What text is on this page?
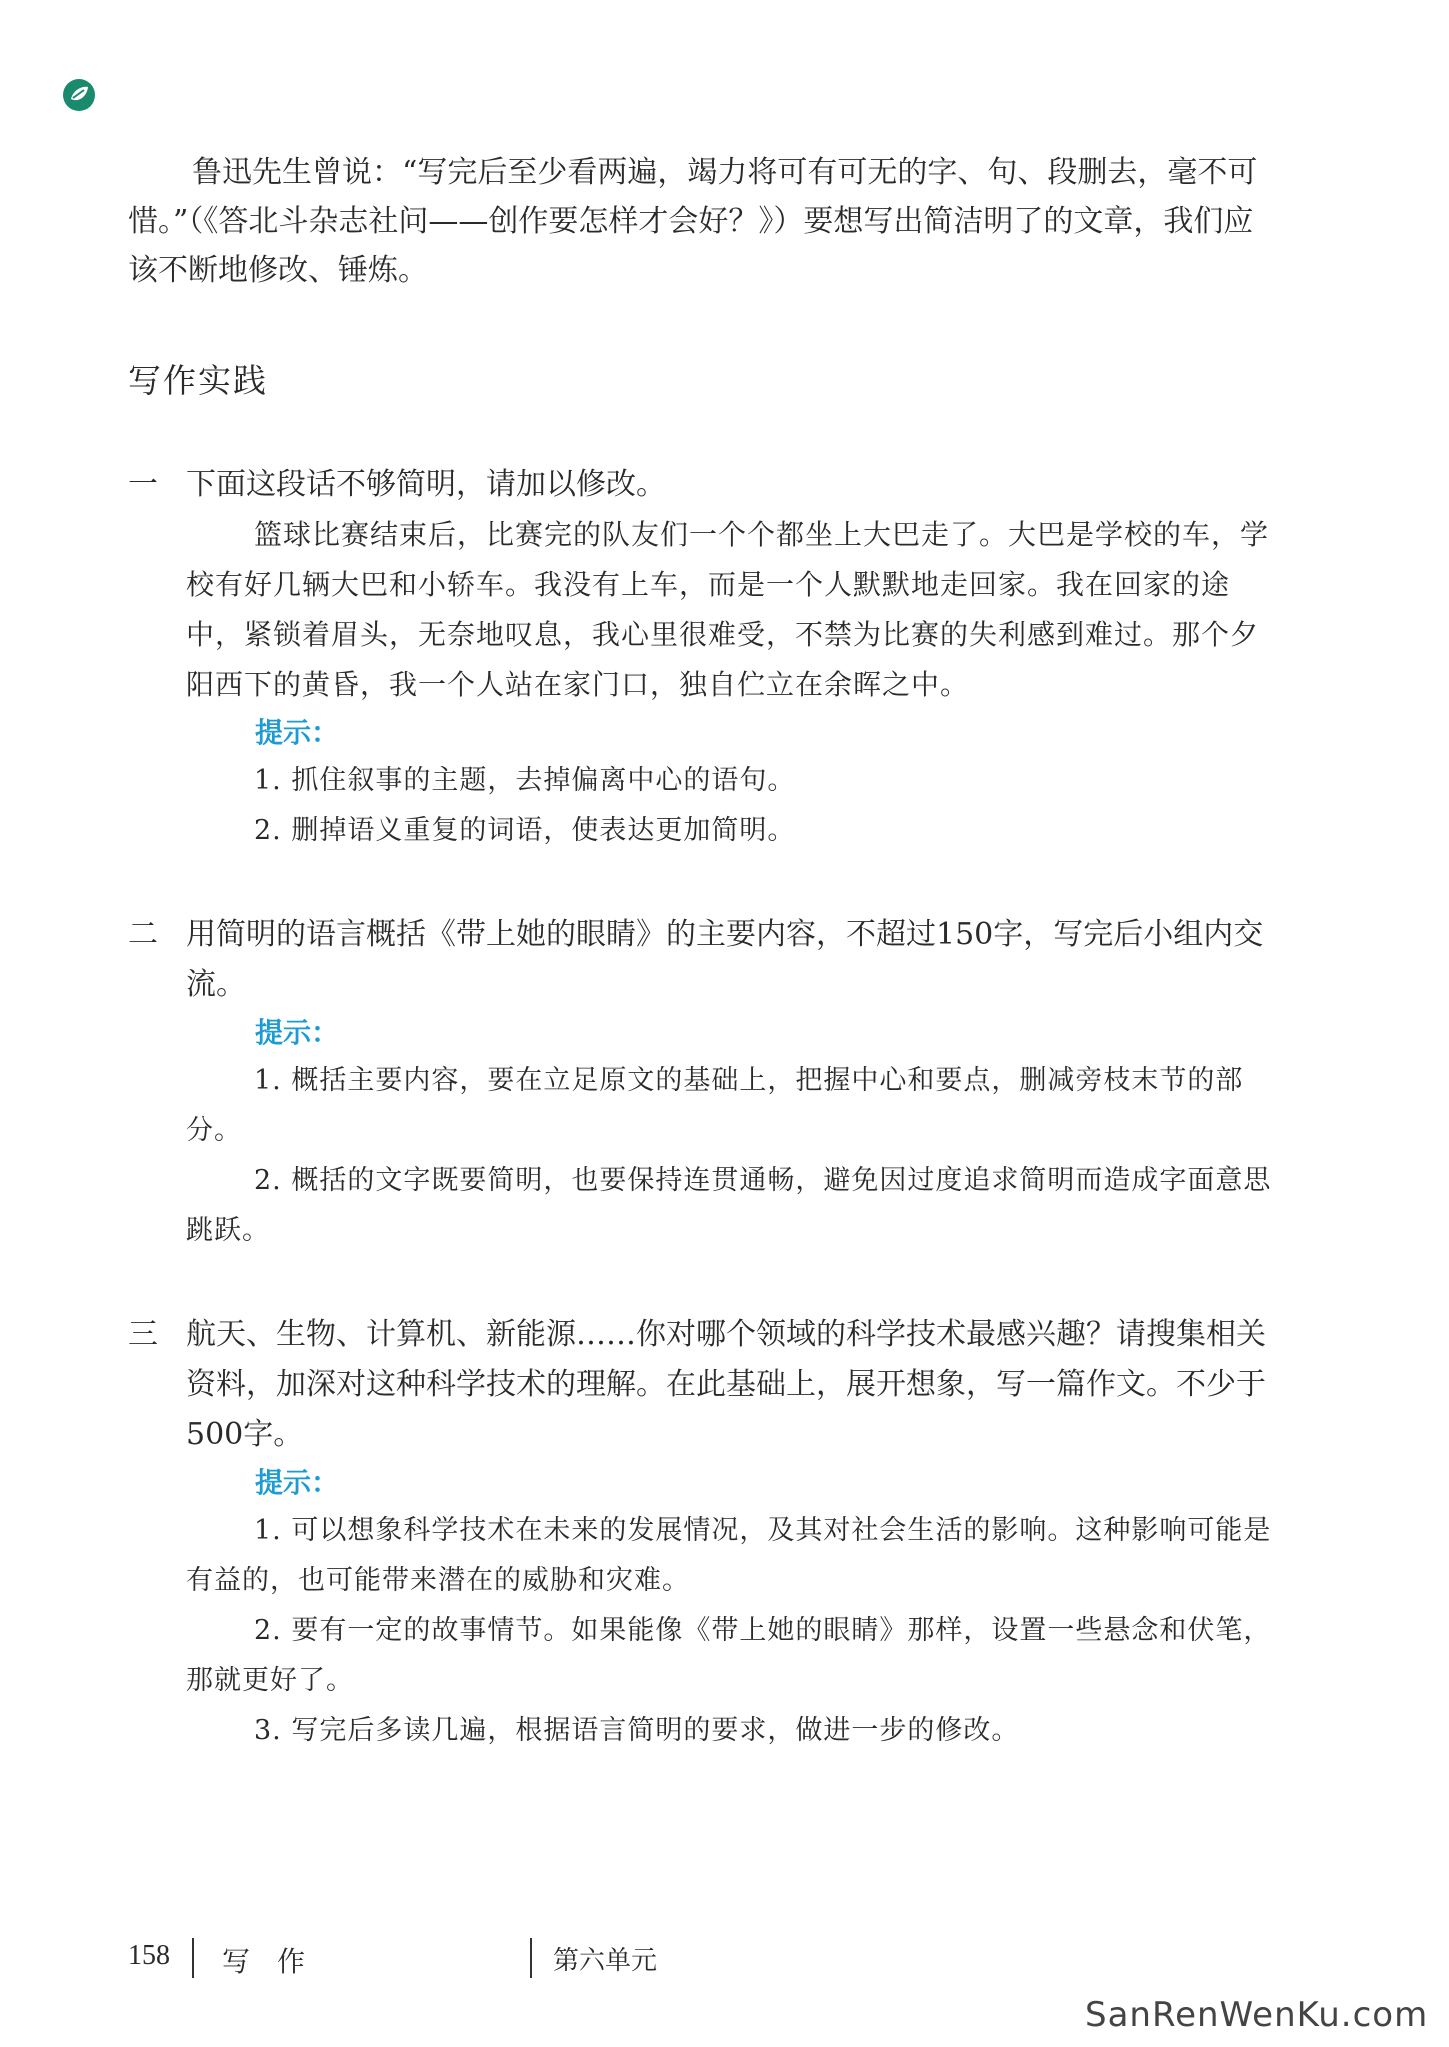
鲁迅先生曾说：“写完后至少看两遍，竭力将可有可无的字、句、段删去，毫不可惜。”（《答北斗杂志社问——创作要怎样才会好？》）要想写出简洁明了的文章，我们应该不断地修改、锤炼。
写作实践
一 下面这段话不够简明，请加以修改。
篮球比赛结束后，比赛完的队友们一个个都坐上大巴走了。大巴是学校的车，学校有好几辆大巴和小轿车。我没有上车，而是一个人默默地走回家。我在回家的途中，紧锁着眉头，无奈地叹息，我心里很难受，不禁为比赛的失利感到难过。那个夕阳西下的黄昏，我一个人站在家门口，独自伫立在余晖之中。
提示：
1. 抓住叙事的主题，去掉偏离中心的语句。
2. 删掉语义重复的词语，使表达更加简明。
二 用简明的语言概括《带上她的眼睛》的主要内容，不超过150字，写完后小组内交流。
提示：
1. 概括主要内容，要在立足原文的基础上，把握中心和要点，删减旁枝末节的部分。
2. 概括的文字既要简明，也要保持连贯通畅，避免因过度追求简明而造成字面意思跳跃。
三 航天、生物、计算机、新能源……你对哪个领域的科学技术最感兴趣？请搜集相关资料，加深对这种科学技术的理解。在此基础上，展开想象，写一篇作文。不少于500字。
提示：
1. 可以想象科学技术在未来的发展情况，及其对社会生活的影响。这种影响可能是有益的，也可能带来潜在的威胁和灾难。
2. 要有一定的故事情节。如果能像《带上她的眼睛》那样，设置一些悬念和伏笔，那就更好了。
3. 写完后多读几遍，根据语言简明的要求，做进一步的修改。
158 写 作	第六单元
SanRenWenKu.com
